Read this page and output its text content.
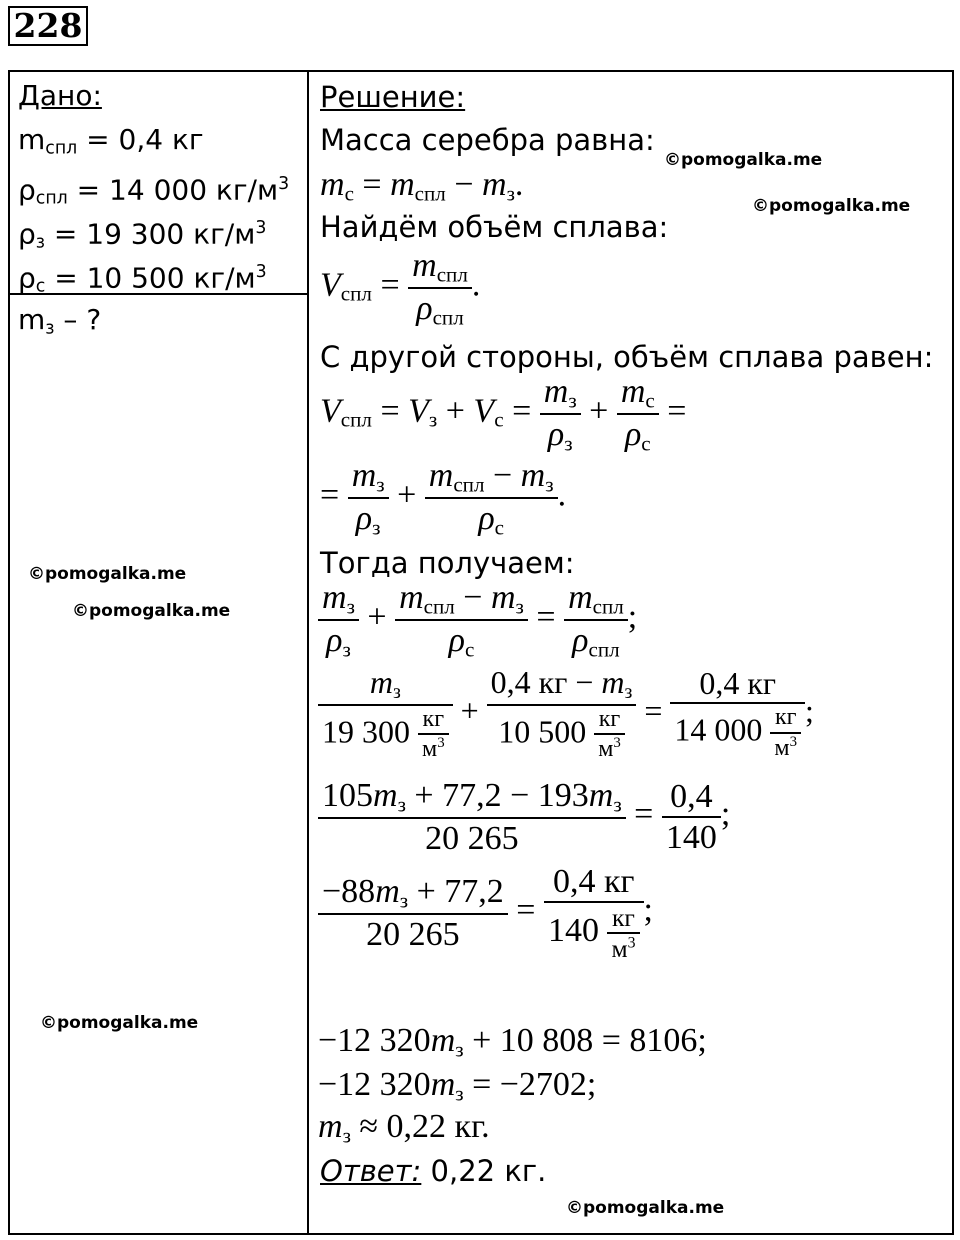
228
Дано:
$m_{спл} = 0,4$ кг
$\rho_{спл} = 14$ 000 $кг/м^3$
$\rho_з = 19$ 300 $кг/м^3$
$\rho_с = 10$ 500 $кг/м^3$
$m_з$ – ?
Решение:
Масса серебра равна:
$m_с = m_{спл} - m_з$.
Найдём объём сплава:
$V_{спл} = \frac{m_{спл}}{\rho_{спл}}$ .
С другой стороны, объём сплава равен:
$V_{спл} = V_з + V_с = \frac{m_з}{\rho_з} + \frac{m_с}{\rho_с}$ =
= $\frac{m_з}{\rho_з} + \frac{m_{спл} - m_з}{\rho_с}$ .
Тогда получаем:
$\frac{m_з}{\rho_з} + \frac{m_{спл} - m_з}{\rho_с} = \frac{m_{спл}}{\rho_{спл}}$ ;
$\frac{m_з}{19 300 \frac{кг}{м^3}} + \frac{0,4 кг - m_з}{10 500 \frac{кг}{м^3}} = \frac{0,4 кг}{14 000 \frac{кг}{м^3}}$ ;
$\frac{105m_з + 77,2 - 193m_з}{20 265} = \frac{0,4}{140}$ ;
$\frac{-88m_з + 77,2}{20 265} = \frac{0,4 кг}{140 \frac{кг}{м^3}}$ ;
−12 $320m_з + 10$ 808 = 8106;
−12 $320m_з = -2702$;
$m_з \approx 0,22$ кг.
Ответ: 0,22 кг.
©pomogalka.me
©pomogalka.me
©pomogalka.me
©pomogalka.me
©pomogalka.me
©pomogalka.me
